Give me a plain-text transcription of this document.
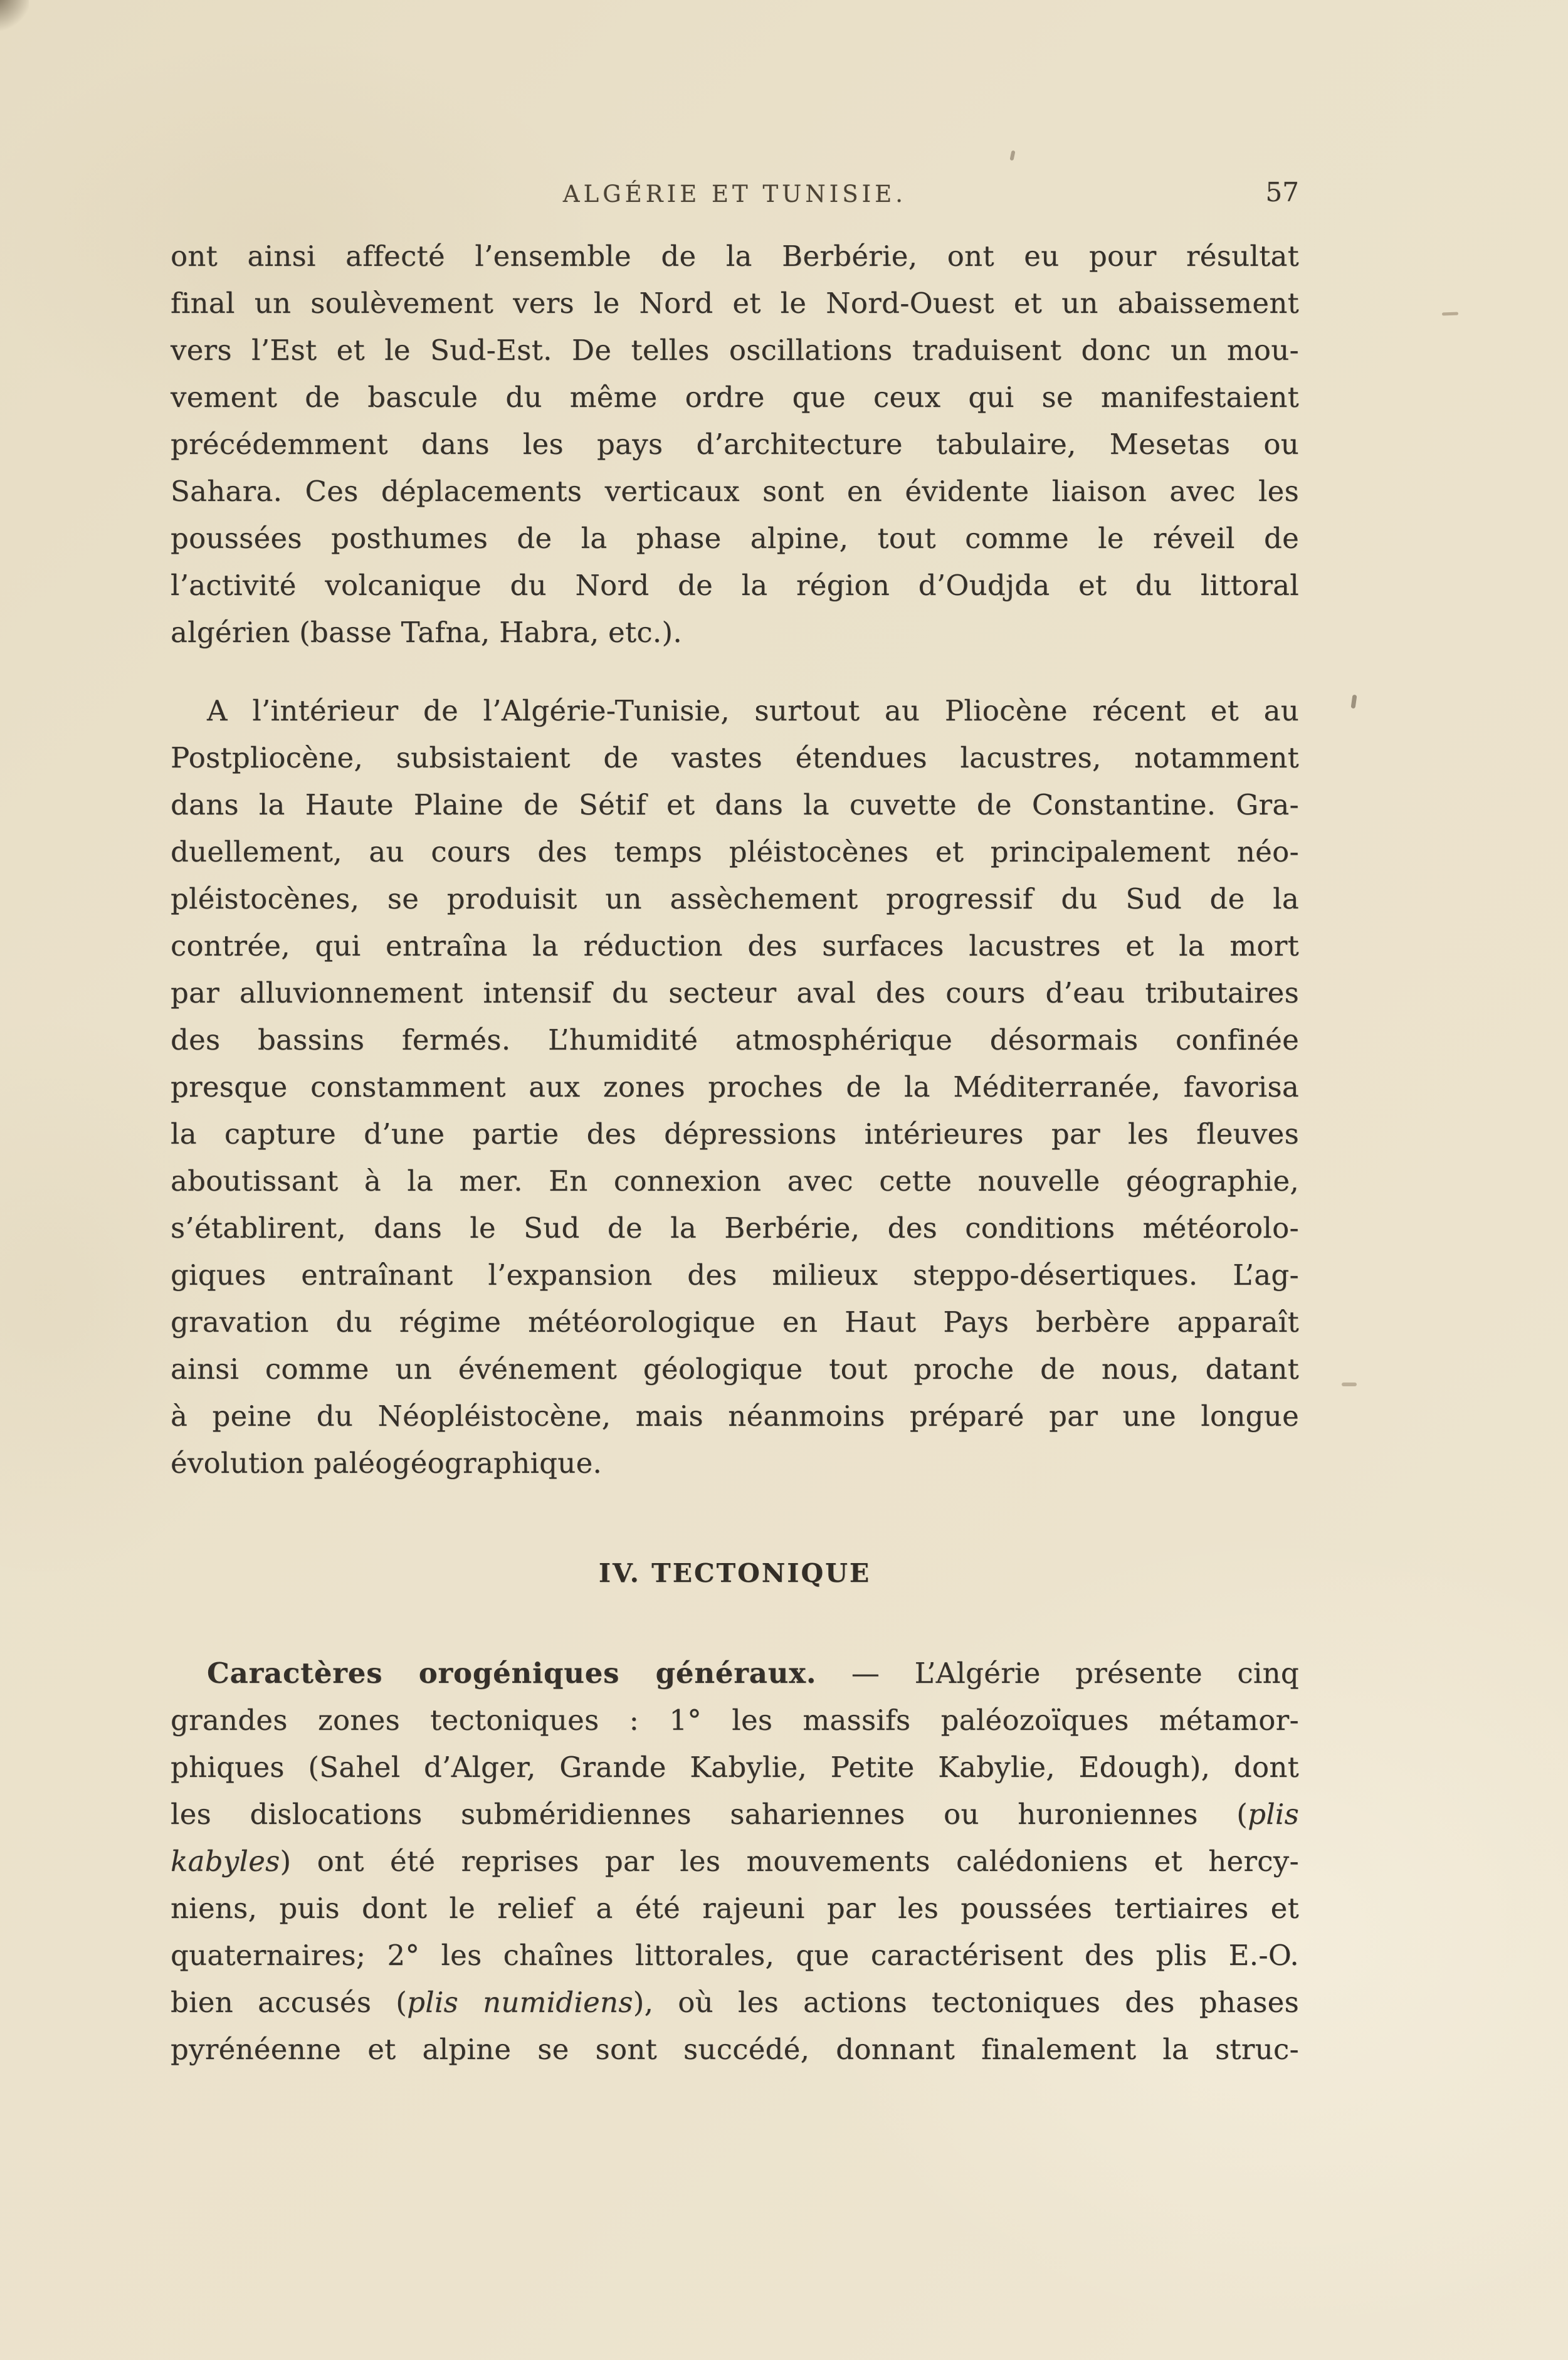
ALGÉRIE ET TUNISIE.	57
ont ainsi affecté l’ensemble de la Berbérie, ont eu pour résultat
final un soulèvement vers le Nord et le Nord-Ouest et un abaissement
vers l’Est et le Sud-Est. De telles oscillations traduisent donc un mou-
vement de bascule du même ordre que ceux qui se manifestaient
précédemment dans les pays d’architecture tabulaire, Mesetas ou
Sahara. Ces déplacements verticaux sont en évidente liaison avec les
poussées posthumes de la phase alpine, tout comme le réveil de
l’activité volcanique du Nord de la région d’Oudjda et du littoral
algérien (basse Tafna, Habra, etc.).
A l’intérieur de l’Algérie-Tunisie, surtout au Pliocène récent et au
Postpliocène, subsistaient de vastes étendues lacustres, notamment
dans la Haute Plaine de Sétif et dans la cuvette de Constantine. Gra-
duellement, au cours des temps pléistocènes et principalement néo-
pléistocènes, se produisit un assèchement progressif du Sud de la
contrée, qui entraîna la réduction des surfaces lacustres et la mort
par alluvionnement intensif du secteur aval des cours d’eau tributaires
des bassins fermés. L’humidité atmosphérique désormais confinée
presque constamment aux zones proches de la Méditerranée, favorisa
la capture d’une partie des dépressions intérieures par les fleuves
aboutissant à la mer. En connexion avec cette nouvelle géographie,
s’établirent, dans le Sud de la Berbérie, des conditions météorolo-
giques entraînant l’expansion des milieux steppo-désertiques. L’ag-
gravation du régime météorologique en Haut Pays berbère apparaît
ainsi comme un événement géologique tout proche de nous, datant
à peine du Néopléistocène, mais néanmoins préparé par une longue
évolution paléogéographique.
IV. TECTONIQUE
Caractères orogéniques généraux. — L’Algérie présente cinq
grandes zones tectoniques : 1° les massifs paléozoïques métamor-
phiques (Sahel d’Alger, Grande Kabylie, Petite Kabylie, Edough), dont
les dislocations subméridiennes sahariennes ou huroniennes (plis
kabyles) ont été reprises par les mouvements calédoniens et hercy-
niens, puis dont le relief a été rajeuni par les poussées tertiaires et
quaternaires; 2° les chaînes littorales, que caractérisent des plis E.-O.
bien accusés (plis numidiens), où les actions tectoniques des phases
pyrénéenne et alpine se sont succédé, donnant finalement la struc-
